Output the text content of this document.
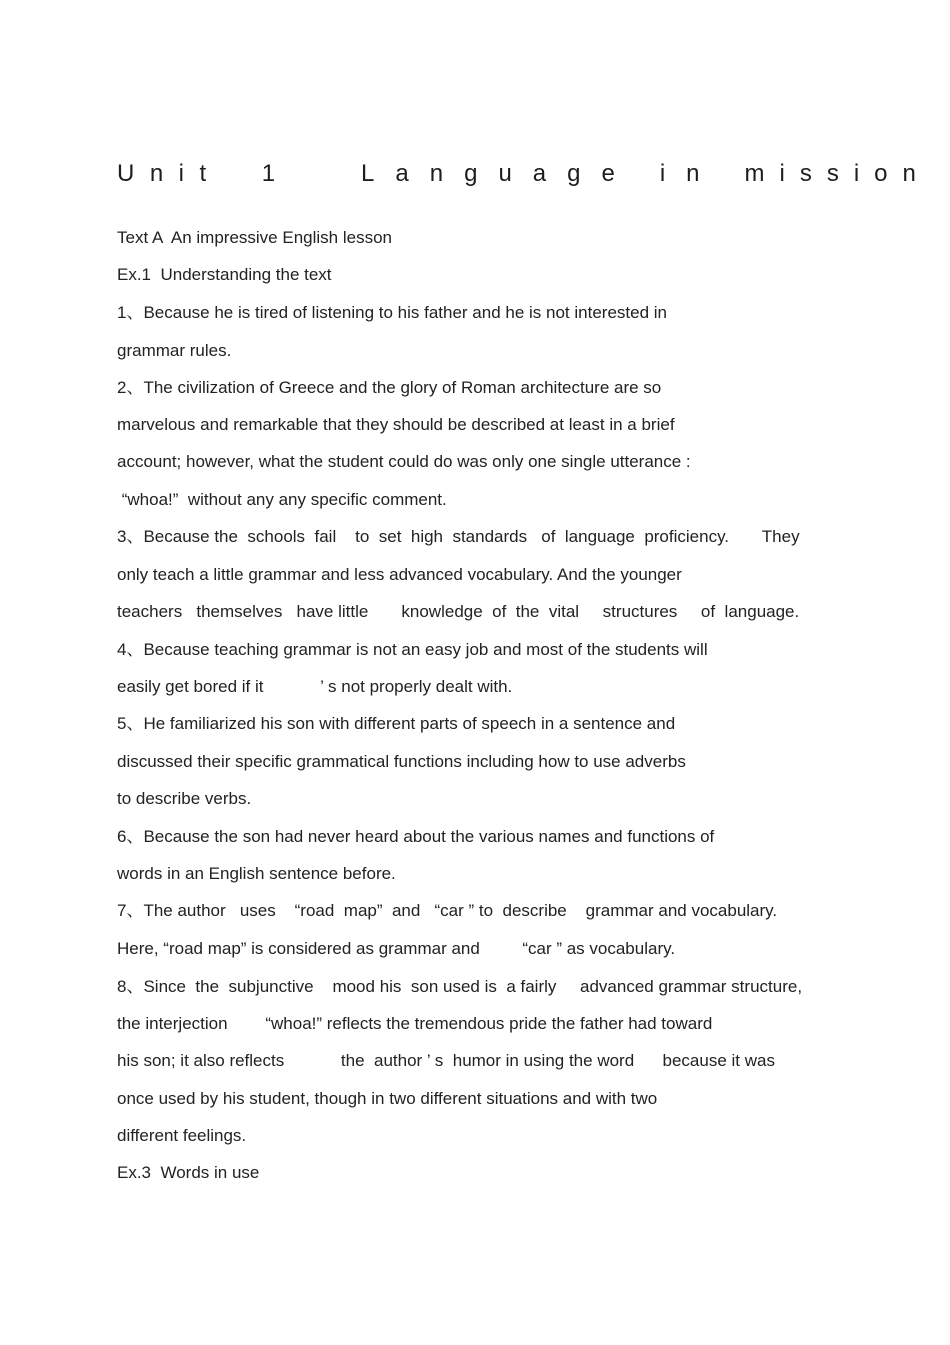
Unit 1	Language in mission
Text A  An impressive English lesson
Ex.1  Understanding the text
1、Because he is tired of listening to his father and he is not interested in
grammar rules.
2、The civilization of Greece and the glory of Roman architecture are so
marvelous and remarkable that they should be described at least in a brief
account; however, what the student could do was only one single utterance :
“whoa!”  without any any specific comment.
3、Because the  schools  fail    to  set  high  standards   of  language  proficiency.       They
only teach a little grammar and less advanced vocabulary. And the younger
teachers   themselves   have little       knowledge  of  the  vital     structures     of  language.
4、Because teaching grammar is not an easy job and most of the students will
easily get bored if it            ’ s not properly dealt with.
5、He familiarized his son with different parts of speech in a sentence and
discussed their specific grammatical functions including how to use adverbs
to describe verbs.
6、Because the son had never heard about the various names and functions of
words in an English sentence before.
7、The author   uses    “road  map”  and   “car ” to  describe    grammar and vocabulary.
Here, “road map” is considered as grammar and         “car ” as vocabulary.
8、Since  the  subjunctive    mood his  son used is  a fairly     advanced grammar structure,
the interjection        “whoa!” reflects the tremendous pride the father had toward
his son; it also reflects            the  author ’ s  humor in using the word      because it was
once used by his student, though in two different situations and with two
different feelings.
Ex.3  Words in use
